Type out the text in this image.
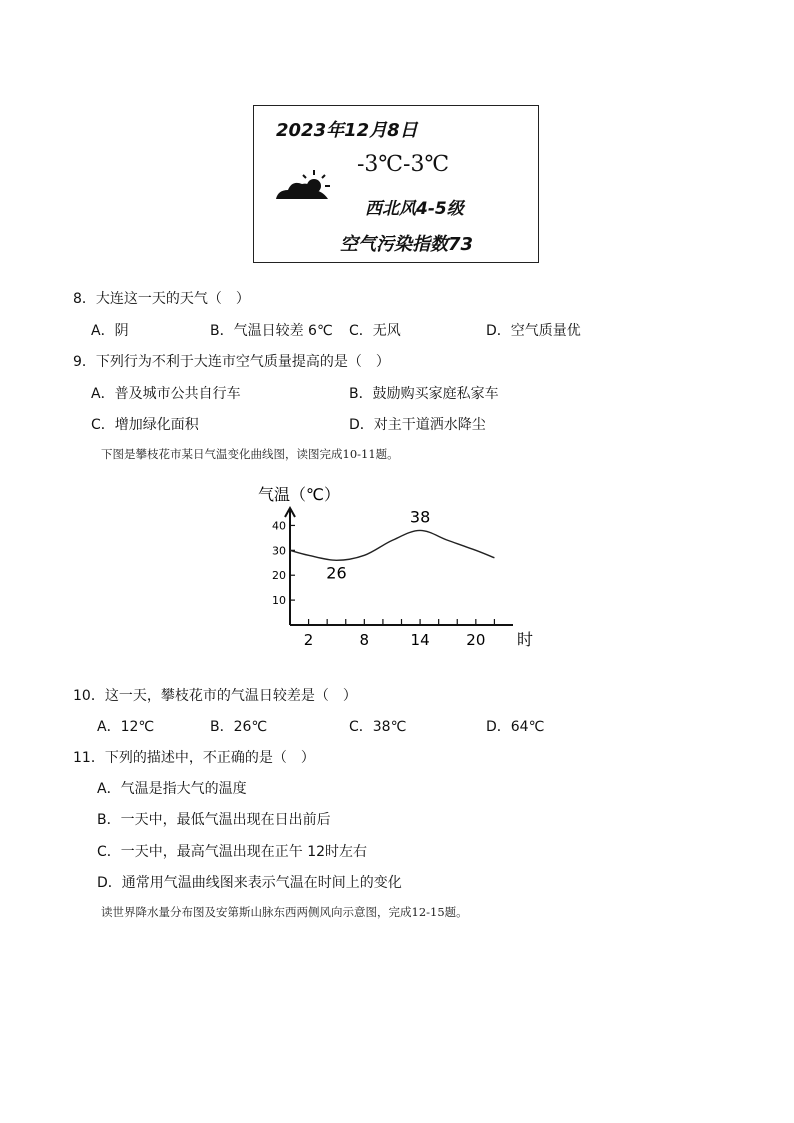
2023年12月8日
-3℃-3℃
西北风4-5级
空气污染指数73
8．大连这一天的天气（　）
A．阴	B．气温日较差 6℃ C．无风	D．空气质量优
9．下列行为不利于大连市空气质量提高的是（　）
A．普及城市公共自行车	B．鼓励购买家庭私家车
C．增加绿化面积	D．对主干道洒水降尘
下图是攀枝花市某日气温变化曲线图，读图完成10-11题。
气温（℃）
2	8	14 20
10
20
30
40	38
26
时
10．这一天，攀枝花市的气温日较差是（　）
A．12℃	B．26℃	C．38℃	D．64℃
11．下列的描述中，不正确的是（　）
A．气温是指大气的温度
B．一天中，最低气温出现在日出前后
C．一天中，最高气温出现在正午 12时左右
D．通常用气温曲线图来表示气温在时间上的变化
读世界降水量分布图及安第斯山脉东西两侧风向示意图，完成12-15题。
